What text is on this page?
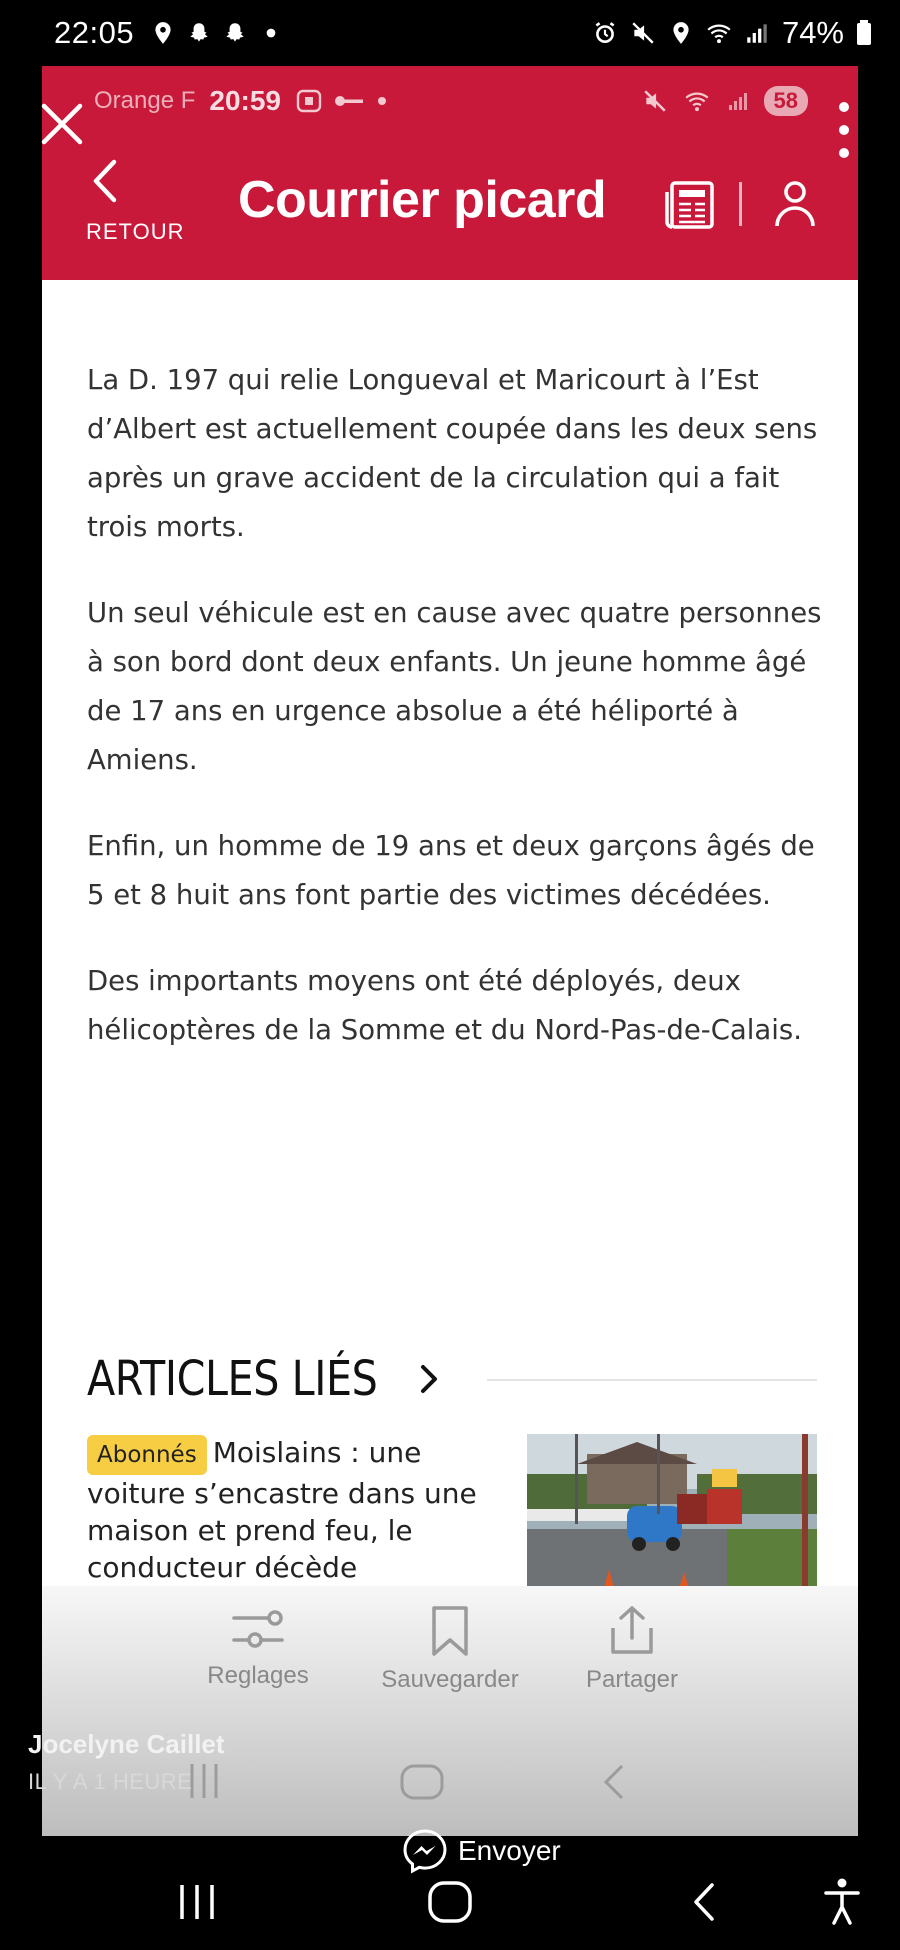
22:05	74%
Orange F 20:59	58
RETOUR
Courrier picard

La D. 197 qui relie Longueval et Maricourt à l’Est d’Albert est actuellement coupée dans les deux sens après un grave accident de la circulation qui a fait trois morts.

Un seul véhicule est en cause avec quatre personnes à son bord dont deux enfants. Un jeune homme âgé de 17 ans en urgence absolue a été héliporté à Amiens.

Enfin, un homme de 19 ans et deux garçons âgés de 5 et 8 huit ans font partie des victimes décédées.

Des importants moyens ont été déployés, deux hélicoptères de la Somme et du Nord-Pas-de-Calais.

ARTICLES LIÉS
Abonnés Moislains : une voiture s’encastre dans une maison et prend feu, le conducteur décède
Reglages	Sauvegarder	Partager
Jocelyne Caillet
IL Y A 1 HEURE
Envoyer
